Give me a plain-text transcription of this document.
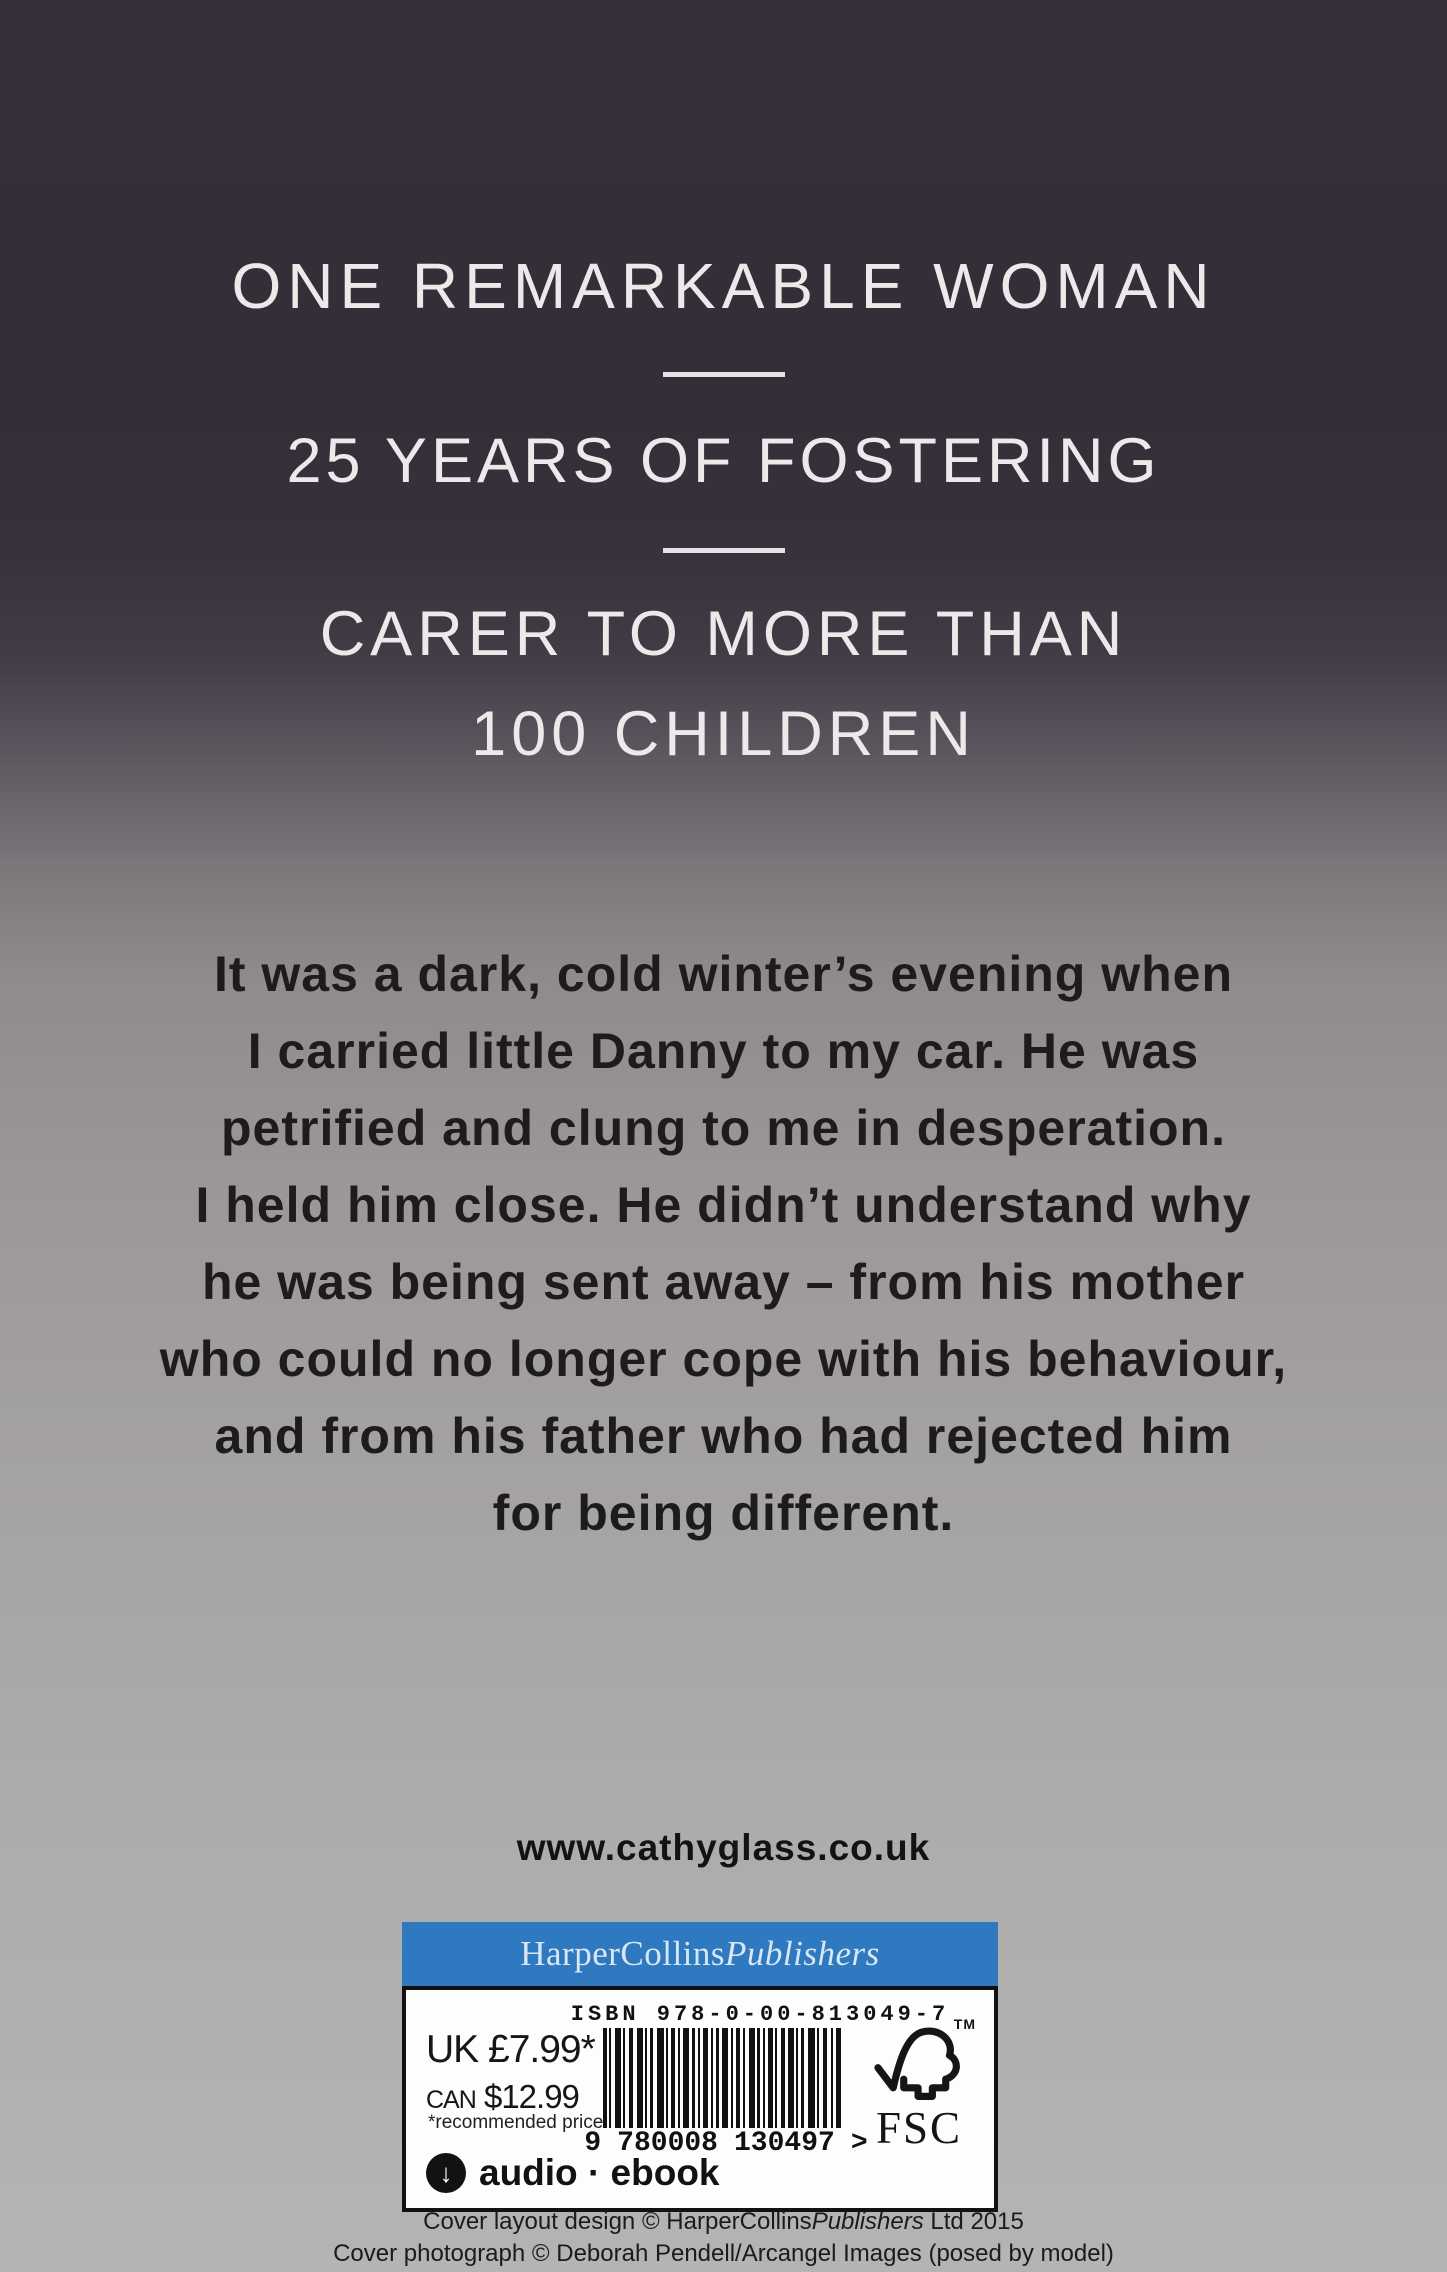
ONE REMARKABLE WOMAN
25 YEARS OF FOSTERING
CARER TO MORE THAN
100 CHILDREN
It was a dark, cold winter’s evening when
I carried little Danny to my car. He was
petrified and clung to me in desperation.
I held him close. He didn’t understand why
he was being sent away – from his mother
who could no longer cope with his behaviour,
and from his father who had rejected him
for being different.
www.cathyglass.co.uk
HarperCollins Publishers
ISBN 978-0-00-813049-7
UK £7.99*
CAN $12.99
*recommended price
9 780008 130497 >
TM
FSC
↓ audio · ebook
Cover layout design © HarperCollinsPublishers Ltd 2015
Cover photograph © Deborah Pendell/Arcangel Images (posed by model)
